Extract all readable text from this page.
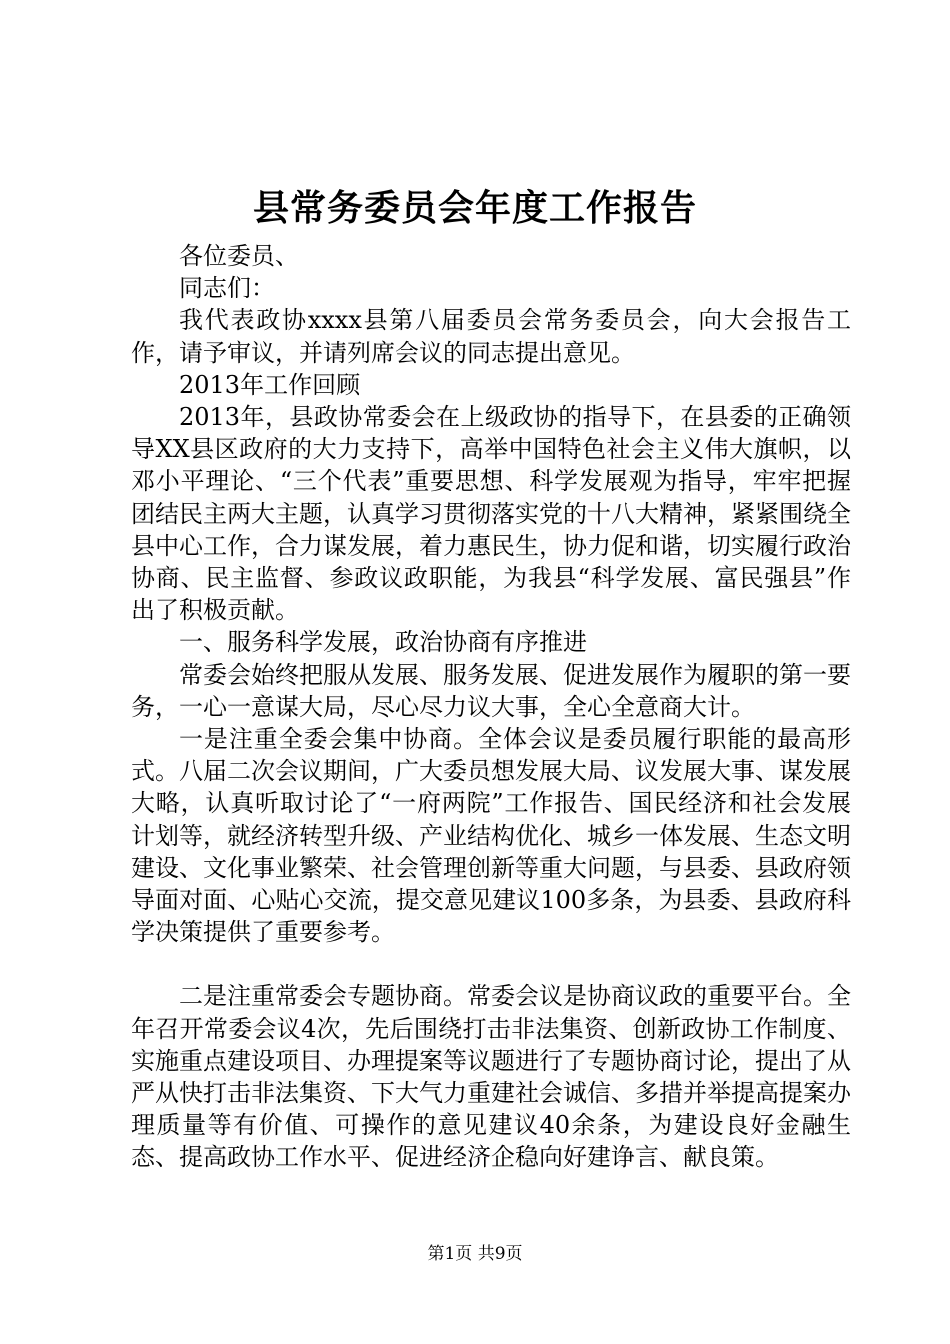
县常务委员会年度工作报告

各位委员、

同志们：

我代表政协xxxx县第八届委员会常务委员会，向大会报告工作，请予审议，并请列席会议的同志提出意见。

2013年工作回顾

2013年，县政协常委会在上级政协的指导下，在县委的正确领导XX县区政府的大力支持下，高举中国特色社会主义伟大旗帜，以邓小平理论、“三个代表”重要思想、科学发展观为指导，牢牢把握团结民主两大主题，认真学习贯彻落实党的十八大精神，紧紧围绕全县中心工作，合力谋发展，着力惠民生，协力促和谐，切实履行政治协商、民主监督、参政议政职能，为我县“科学发展、富民强县”作出了积极贡献。

一、服务科学发展，政治协商有序推进

常委会始终把服从发展、服务发展、促进发展作为履职的第一要务，一心一意谋大局，尽心尽力议大事，全心全意商大计。

一是注重全委会集中协商。全体会议是委员履行职能的最高形式。八届二次会议期间，广大委员想发展大局、议发展大事、谋发展大略，认真听取讨论了“一府两院”工作报告、国民经济和社会发展计划等，就经济转型升级、产业结构优化、城乡一体发展、生态文明建设、文化事业繁荣、社会管理创新等重大问题，与县委、县政府领导面对面、心贴心交流，提交意见建议100多条，为县委、县政府科学决策提供了重要参考。

二是注重常委会专题协商。常委会议是协商议政的重要平台。全年召开常委会议4次，先后围绕打击非法集资、创新政协工作制度、实施重点建设项目、办理提案等议题进行了专题协商讨论，提出了从严从快打击非法集资、下大气力重建社会诚信、多措并举提高提案办理质量等有价值、可操作的意见建议40余条，为建设良好金融生态、提高政协工作水平、促进经济企稳向好建诤言、献良策。

第1页 共9页
